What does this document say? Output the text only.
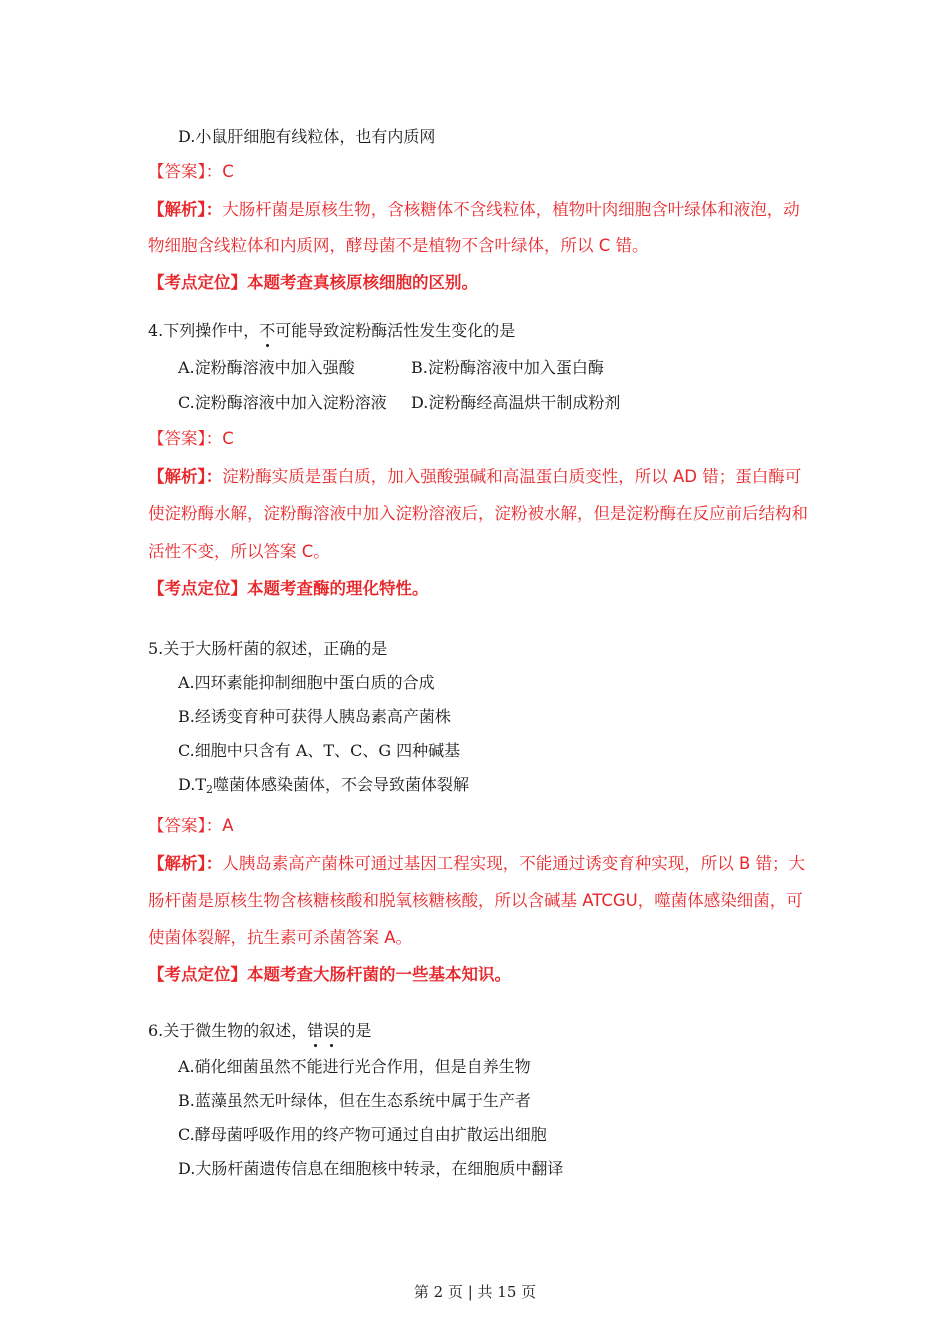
D.小鼠肝细胞有线粒体，也有内质网
【答案】：C
【解析】：大肠杆菌是原核生物，含核糖体不含线粒体，植物叶肉细胞含叶绿体和液泡，动
物细胞含线粒体和内质网，酵母菌不是植物不含叶绿体，所以 C 错。
【考点定位】本题考查真核原核细胞的区别。
4.下列操作中，不可能导致淀粉酶活性发生变化的是
A.淀粉酶溶液中加入强酸	B.淀粉酶溶液中加入蛋白酶
C.淀粉酶溶液中加入淀粉溶液 D.淀粉酶经高温烘干制成粉剂
【答案】：C
【解析】：淀粉酶实质是蛋白质，加入强酸强碱和高温蛋白质变性，所以 AD 错；蛋白酶可
使淀粉酶水解，淀粉酶溶液中加入淀粉溶液后，淀粉被水解，但是淀粉酶在反应前后结构和
活性不变，所以答案 C。
【考点定位】本题考查酶的理化特性。
5.关于大肠杆菌的叙述，正确的是
A.四环素能抑制细胞中蛋白质的合成
B.经诱变育种可获得人胰岛素高产菌株
C.细胞中只含有 A、T、C、G 四种碱基
$D.T_2$噬菌体感染菌体，不会导致菌体裂解
【答案】：A
【解析】：人胰岛素高产菌株可通过基因工程实现，不能通过诱变育种实现，所以 B 错；大
肠杆菌是原核生物含核糖核酸和脱氧核糖核酸，所以含碱基 ATCGU，噬菌体感染细菌，可
使菌体裂解，抗生素可杀菌答案 A。
【考点定位】本题考查大肠杆菌的一些基本知识。
6.关于微生物的叙述，错误的是
A.硝化细菌虽然不能进行光合作用，但是自养生物
B.蓝藻虽然无叶绿体，但在生态系统中属于生产者
C.酵母菌呼吸作用的终产物可通过自由扩散运出细胞
D.大肠杆菌遗传信息在细胞核中转录，在细胞质中翻译
第 2 页 | 共 15 页
